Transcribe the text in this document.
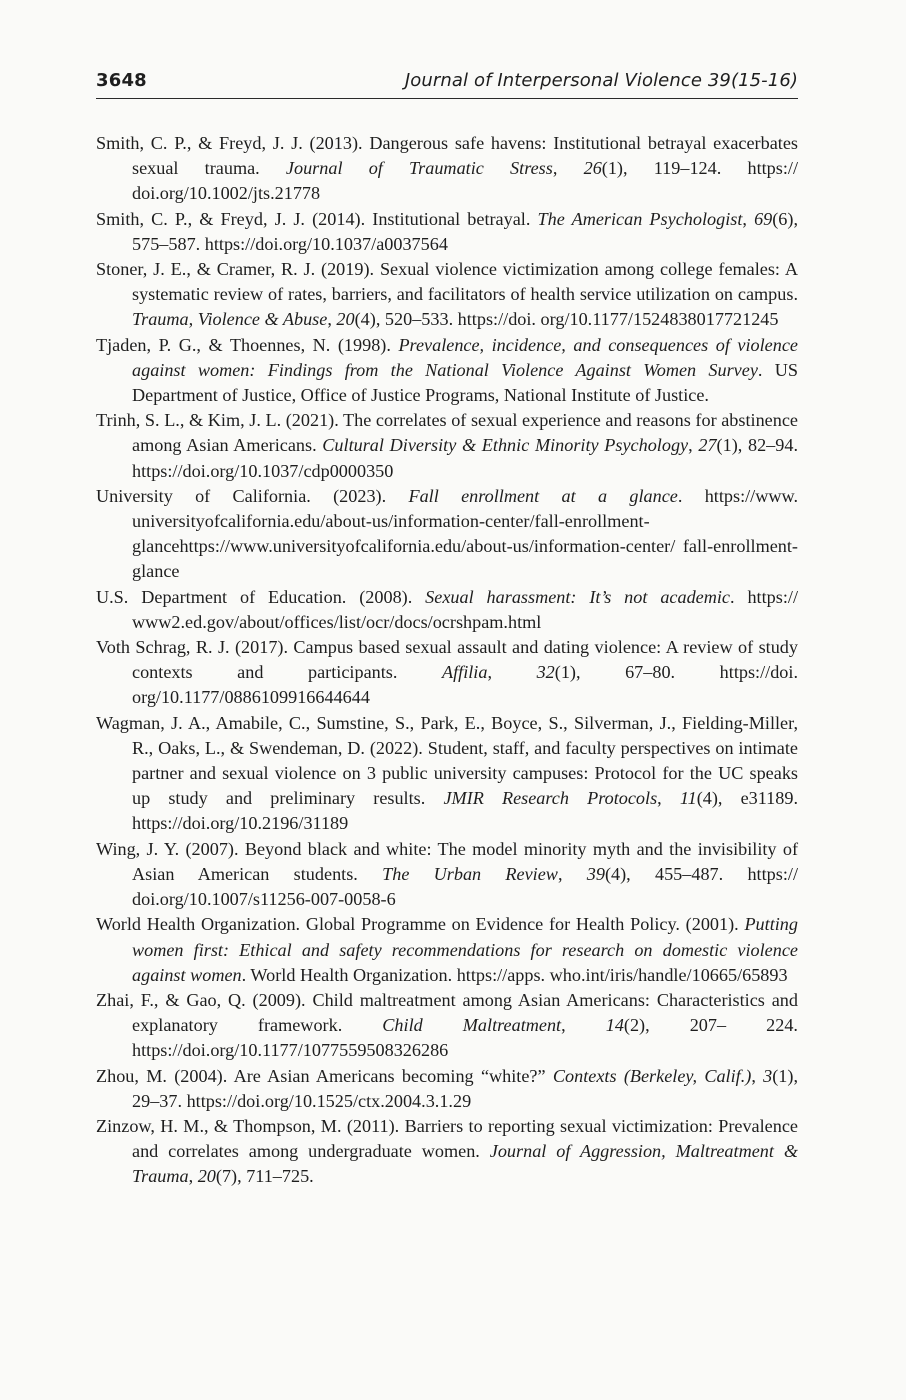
3648	Journal of Interpersonal Violence 39(15-16)

Smith, C. P., & Freyd, J. J. (2013). Dangerous safe havens: Institutional betrayal exacerbates sexual trauma. Journal of Traumatic Stress, 26(1), 119–124. https:// doi.org/10.1002/jts.21778

Smith, C. P., & Freyd, J. J. (2014). Institutional betrayal. The American Psychologist, 69(6), 575–587. https://doi.org/10.1037/a0037564

Stoner, J. E., & Cramer, R. J. (2019). Sexual violence victimization among college females: A systematic review of rates, barriers, and facilitators of health service utilization on campus. Trauma, Violence & Abuse, 20(4), 520–533. https://doi. org/10.1177/1524838017721245

Tjaden, P. G., & Thoennes, N. (1998). Prevalence, incidence, and consequences of violence against women: Findings from the National Violence Against Women Survey. US Department of Justice, Office of Justice Programs, National Institute of Justice.

Trinh, S. L., & Kim, J. L. (2021). The correlates of sexual experience and reasons for abstinence among Asian Americans. Cultural Diversity & Ethnic Minority Psychology, 27(1), 82–94. https://doi.org/10.1037/cdp0000350

University of California. (2023). Fall enrollment at a glance. https://www. universityofcalifornia.edu/about-us/information-center/fall-enrollment-glancehttps://www.universityofcalifornia.edu/about-us/information-center/ fall-enrollment-glance

U.S. Department of Education. (2008). Sexual harassment: It’s not academic. https:// www2.ed.gov/about/offices/list/ocr/docs/ocrshpam.html

Voth Schrag, R. J. (2017). Campus based sexual assault and dating violence: A review of study contexts and participants. Affilia, 32(1), 67–80. https://doi. org/10.1177/0886109916644644

Wagman, J. A., Amabile, C., Sumstine, S., Park, E., Boyce, S., Silverman, J., Fielding-Miller, R., Oaks, L., & Swendeman, D. (2022). Student, staff, and faculty perspectives on intimate partner and sexual violence on 3 public university campuses: Protocol for the UC speaks up study and preliminary results. JMIR Research Protocols, 11(4), e31189. https://doi.org/10.2196/31189

Wing, J. Y. (2007). Beyond black and white: The model minority myth and the invisibility of Asian American students. The Urban Review, 39(4), 455–487. https:// doi.org/10.1007/s11256-007-0058-6

World Health Organization. Global Programme on Evidence for Health Policy. (2001). Putting women first: Ethical and safety recommendations for research on domestic violence against women. World Health Organization. https://apps. who.int/iris/handle/10665/65893

Zhai, F., & Gao, Q. (2009). Child maltreatment among Asian Americans: Characteristics and explanatory framework. Child Maltreatment, 14(2), 207– 224. https://doi.org/10.1177/1077559508326286

Zhou, M. (2004). Are Asian Americans becoming “white?” Contexts (Berkeley, Calif.), 3(1), 29–37. https://doi.org/10.1525/ctx.2004.3.1.29

Zinzow, H. M., & Thompson, M. (2011). Barriers to reporting sexual victimization: Prevalence and correlates among undergraduate women. Journal of Aggression, Maltreatment & Trauma, 20(7), 711–725.
